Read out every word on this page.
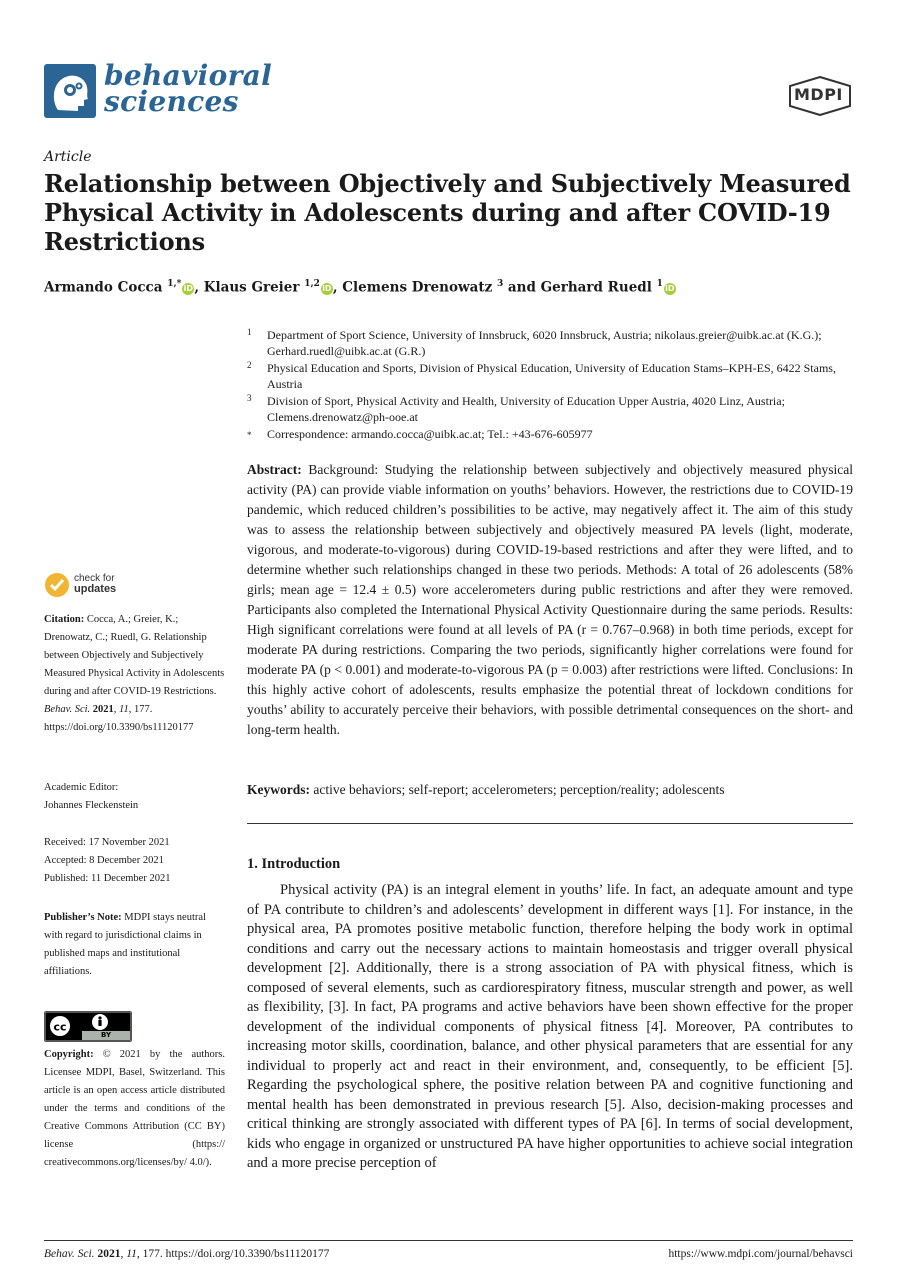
behavioral
sciences	MDPI
Article
Relationship between Objectively and Subjectively Measured Physical Activity in Adolescents during and after COVID-19 Restrictions
Armando Cocca $^{1,*}$ iD, Klaus Greier $^{1,2}$ iD, Clemens Drenowatz $^3$ and Gerhard Ruedl $^1$ iD
1 Department of Sport Science, University of Innsbruck, 6020 Innsbruck, Austria; nikolaus.greier@uibk.ac.at (K.G.); Gerhard.ruedl@uibk.ac.at (G.R.)
2 Physical Education and Sports, Division of Physical Education, University of Education Stams–KPH-ES, 6422 Stams, Austria
3 Division of Sport, Physical Activity and Health, University of Education Upper Austria, 4020 Linz, Austria; Clemens.drenowatz@ph-ooe.at
* Correspondence: armando.cocca@uibk.ac.at; Tel.: +43-676-605977
Abstract: Background: Studying the relationship between subjectively and objectively measured physical activity (PA) can provide viable information on youths’ behaviors. However, the restrictions due to COVID-19 pandemic, which reduced children’s possibilities to be active, may negatively affect it. The aim of this study was to assess the relationship between subjectively and objectively measured PA levels (light, moderate, vigorous, and moderate-to-vigorous) during COVID-19-based restrictions and after they were lifted, and to determine whether such relationships changed in these two periods. Methods: A total of 26 adolescents (58% girls; mean age = 12.4 ± 0.5) wore accelerometers during public restrictions and after they were removed. Participants also completed the International Physical Activity Questionnaire during the same periods. Results: High significant correlations were found at all levels of PA (r = 0.767–0.968) in both time periods, except for moderate PA during restrictions. Comparing the two periods, significantly higher correlations were found for moderate PA (p < 0.001) and moderate-to-vigorous PA (p = 0.003) after restrictions were lifted. Conclusions: In this highly active cohort of adolescents, results emphasize the potential threat of lockdown conditions for youths’ ability to accurately perceive their behaviors, with possible detrimental consequences on the short- and long-term health.
Keywords: active behaviors; self-report; accelerometers; perception/reality; adolescents
1. Introduction
Physical activity (PA) is an integral element in youths’ life. In fact, an adequate amount and type of PA contribute to children’s and adolescents’ development in different ways [1]. For instance, in the physical area, PA promotes positive metabolic function, therefore helping the body work in optimal conditions and carry out the necessary actions to maintain homeostasis and trigger overall physical development [2]. Additionally, there is a strong association of PA with physical fitness, which is composed of several elements, such as cardiorespiratory fitness, muscular strength and power, as well as flexibility, [3]. In fact, PA programs and active behaviors have been shown effective for the proper development of the individual components of physical fitness [4]. Moreover, PA contributes to increasing motor skills, coordination, balance, and other physical parameters that are essential for any individual to properly act and react in their environment, and, consequently, to be efficient [5]. Regarding the psychological sphere, the positive relation between PA and cognitive functioning and mental health has been demonstrated in previous research [5]. Also, decision-making processes and critical thinking are strongly associated with different types of PA [6]. In terms of social development, kids who engage in organized or unstructured PA have higher opportunities to achieve social integration and a more precise perception of
check for
updates
Citation: Cocca, A.; Greier, K.; Drenowatz, C.; Ruedl, G. Relationship between Objectively and Subjectively Measured Physical Activity in Adolescents during and after COVID-19 Restrictions. Behav. Sci. 2021, 11, 177. https://doi.org/10.3390/bs11120177
Academic Editor:
Johannes Fleckenstein
Received: 17 November 2021
Accepted: 8 December 2021
Published: 11 December 2021
Publisher’s Note: MDPI stays neutral with regard to jurisdictional claims in published maps and institutional affiliations.
cc
BY
Copyright: © 2021 by the authors. Licensee MDPI, Basel, Switzerland. This article is an open access article distributed under the terms and conditions of the Creative Commons Attribution (CC BY) license (https:// creativecommons.org/licenses/by/ 4.0/).
Behav. Sci. 2021, 11, 177. https://doi.org/10.3390/bs11120177	https://www.mdpi.com/journal/behavsci
